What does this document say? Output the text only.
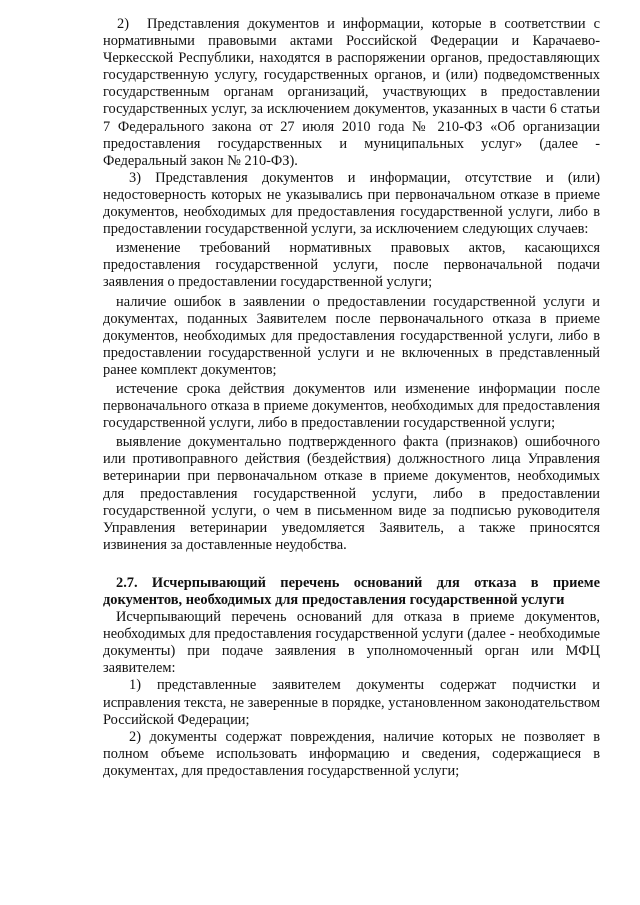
2) Представления документов и информации, которые в соответствии с нормативными правовыми актами Российской Федерации и Карачаево-Черкесской Республики, находятся в распоряжении органов, предоставляющих государственную услугу, государственных органов, и (или) подведомственных государственным органам организаций, участвующих в предоставлении государственных услуг, за исключением документов, указанных в части 6 статьи 7 Федерального закона от 27 июля 2010 года № 210-ФЗ «Об организации предоставления государственных и муниципальных услуг» (далее - Федеральный закон № 210-ФЗ).

3) Представления документов и информации, отсутствие и (или) недостоверность которых не указывались при первоначальном отказе в приеме документов, необходимых для предоставления государственной услуги, либо в предоставлении государственной услуги, за исключением следующих случаев:

изменение требований нормативных правовых актов, касающихся предоставления государственной услуги, после первоначальной подачи заявления о предоставлении государственной услуги;

наличие ошибок в заявлении о предоставлении государственной услуги и документах, поданных Заявителем после первоначального отказа в приеме документов, необходимых для предоставления государственной услуги, либо в предоставлении государственной услуги и не включенных в представленный ранее комплект документов;

истечение срока действия документов или изменение информации после первоначального отказа в приеме документов, необходимых для предоставления государственной услуги, либо в предоставлении государственной услуги;

выявление документально подтвержденного факта (признаков) ошибочного или противоправного действия (бездействия) должностного лица Управления ветеринарии при первоначальном отказе в приеме документов, необходимых для предоставления государственной услуги, либо в предоставлении государственной услуги, о чем в письменном виде за подписью руководителя Управления ветеринарии уведомляется Заявитель, а также приносятся извинения за доставленные неудобства.

2.7. Исчерпывающий перечень оснований для отказа в приеме документов, необходимых для предоставления государственной услуги

Исчерпывающий перечень оснований для отказа в приеме документов, необходимых для предоставления государственной услуги (далее - необходимые документы) при подаче заявления в уполномоченный орган или МФЦ заявителем:

1) представленные заявителем документы содержат подчистки и исправления текста, не заверенные в порядке, установленном законодательством Российской Федерации;

2) документы содержат повреждения, наличие которых не позволяет в полном объеме использовать информацию и сведения, содержащиеся в документах, для предоставления государственной услуги;
